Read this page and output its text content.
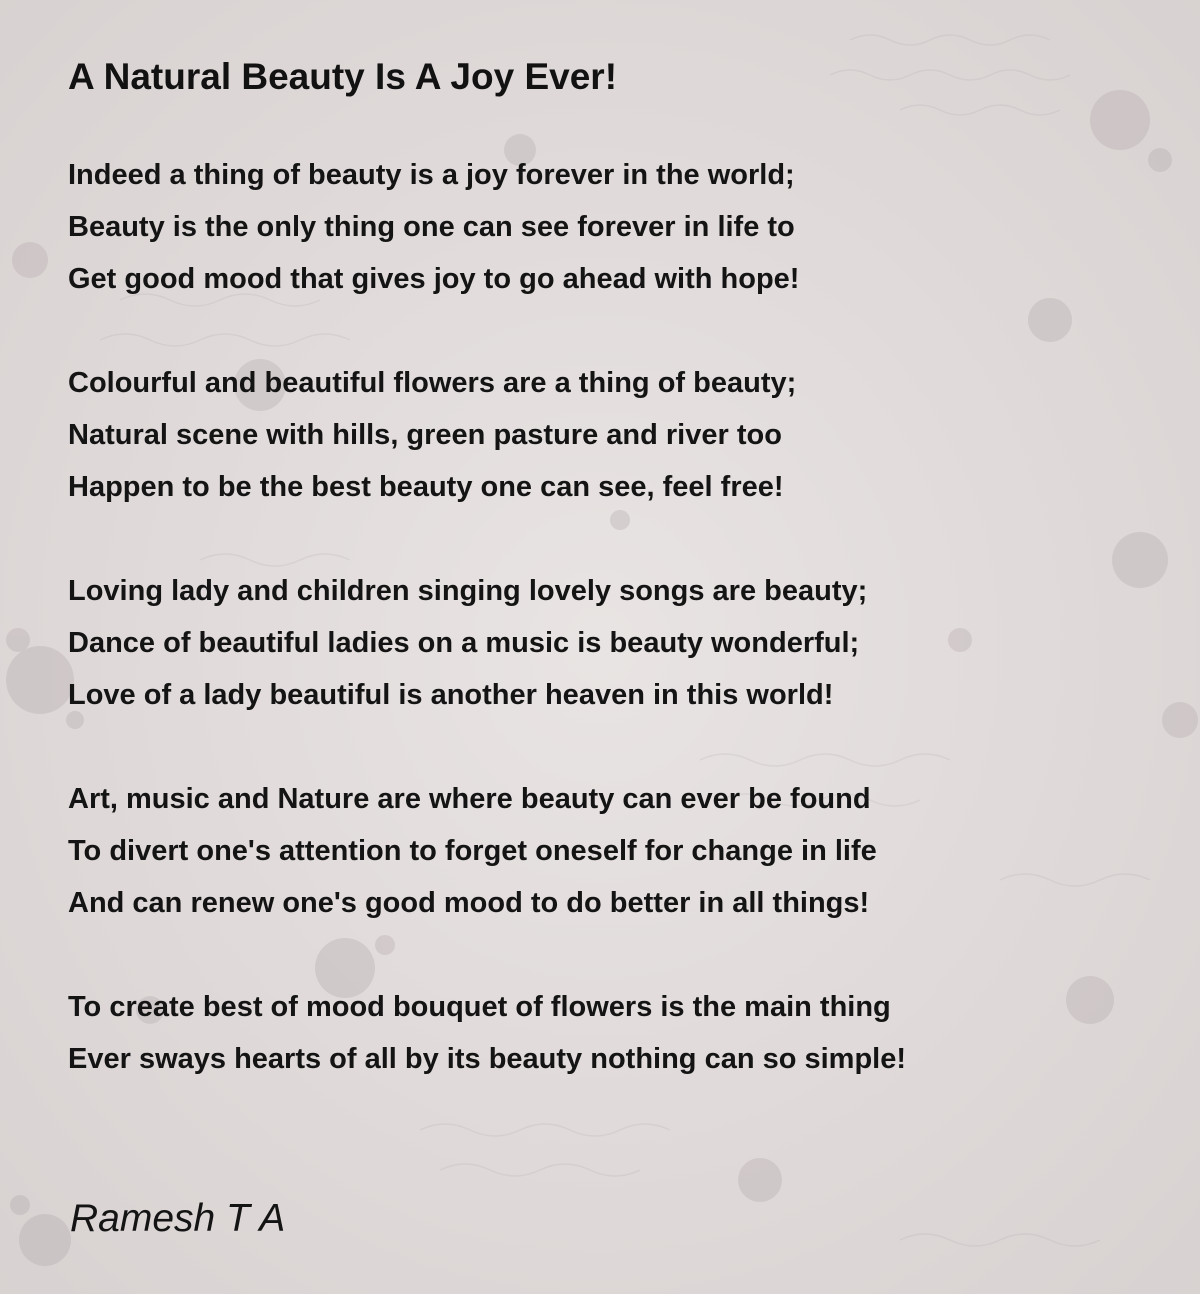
A Natural Beauty Is A Joy Ever!
Indeed a thing of beauty is a joy forever in the world;
Beauty is the only thing one can see forever in life to
Get good mood that gives joy to go ahead with hope!
Colourful and beautiful flowers are a thing of beauty;
Natural scene with hills, green pasture and river too
Happen to be the best beauty one can see, feel free!
Loving lady and children singing lovely songs are beauty;
Dance of beautiful ladies on a music is beauty wonderful;
Love of a lady beautiful is another heaven in this world!
Art, music and Nature are where beauty can ever be found
To divert one's attention to forget oneself for change in life
And can renew one's good mood to do better in all things!
To create best of mood bouquet of flowers is the main thing
Ever sways hearts of all by its beauty nothing can so simple!

Ramesh T A
